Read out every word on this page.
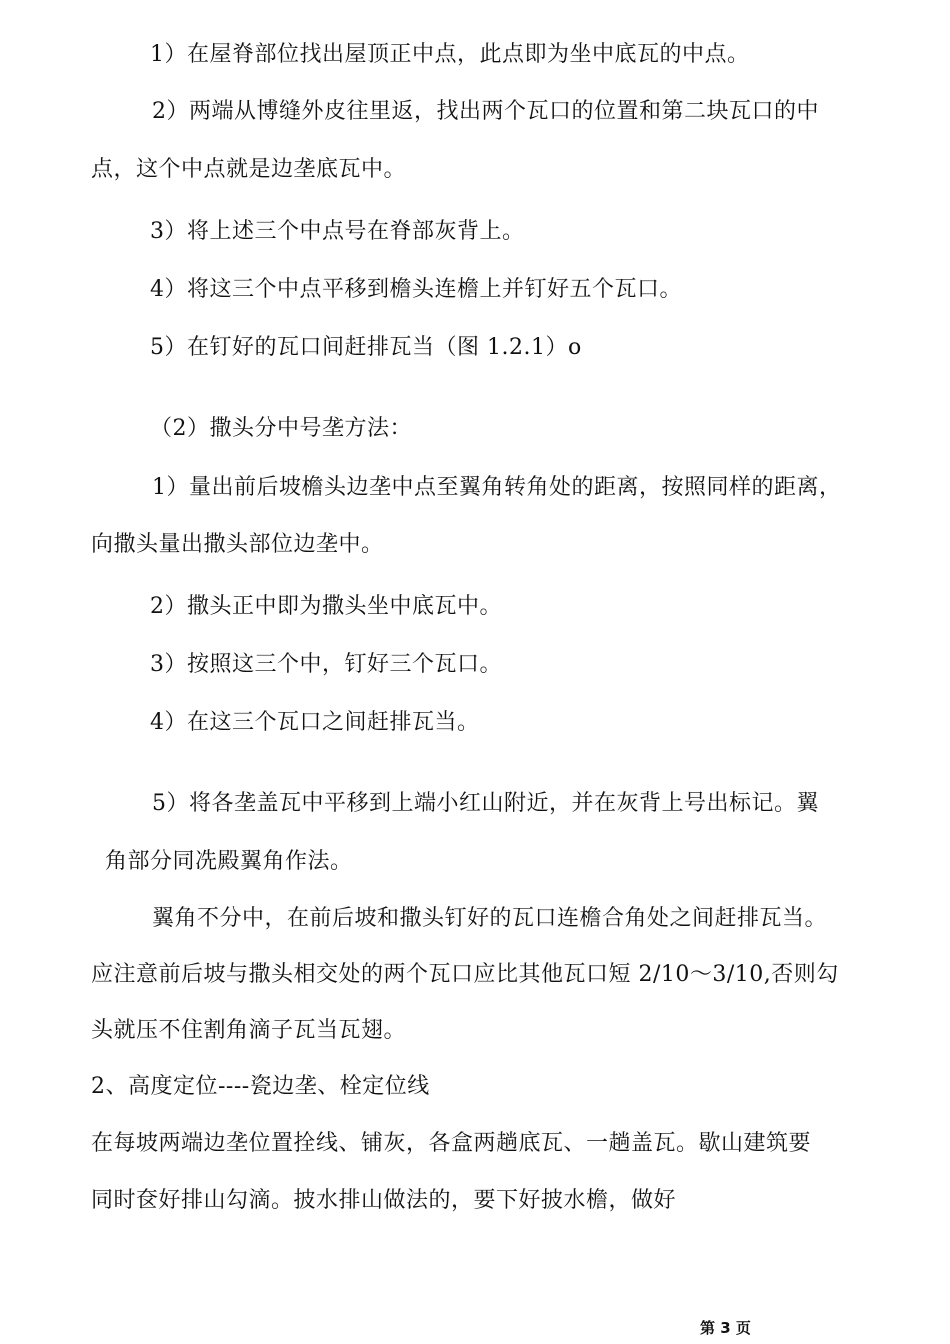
1）在屋脊部位找出屋顶正中点，此点即为坐中底瓦的中点。
2）两端从博缝外皮往里返，找出两个瓦口的位置和第二块瓦口的中
点，这个中点就是边垄底瓦中。
3）将上述三个中点号在脊部灰背上。
4）将这三个中点平移到檐头连檐上并钉好五个瓦口。
5）在钉好的瓦口间赶排瓦当（图 1.2.1）o
（2）撒头分中号垄方法：
1）量出前后坡檐头边垄中点至翼角转角处的距离，按照同样的距离，
向撒头量出撒头部位边垄中。
2）撒头正中即为撒头坐中底瓦中。
3）按照这三个中，钉好三个瓦口。
4）在这三个瓦口之间赶排瓦当。
5）将各垄盖瓦中平移到上端小红山附近，并在灰背上号出标记。翼
角部分同冼殿翼角作法。
翼角不分中，在前后坡和撒头钉好的瓦口连檐合角处之间赶排瓦当。
应注意前后坡与撒头相交处的两个瓦口应比其他瓦口短 2/10〜3/10,否则勾
头就压不住割角滴子瓦当瓦翅。
2、高度定位----瓷边垄、栓定位线
在每坡两端边垄位置拴线、铺灰，各盒两趟底瓦、一趟盖瓦。歇山建筑要
同时奁好排山勾滴。披水排山做法的，要下好披水檐，做好
第 3 页
